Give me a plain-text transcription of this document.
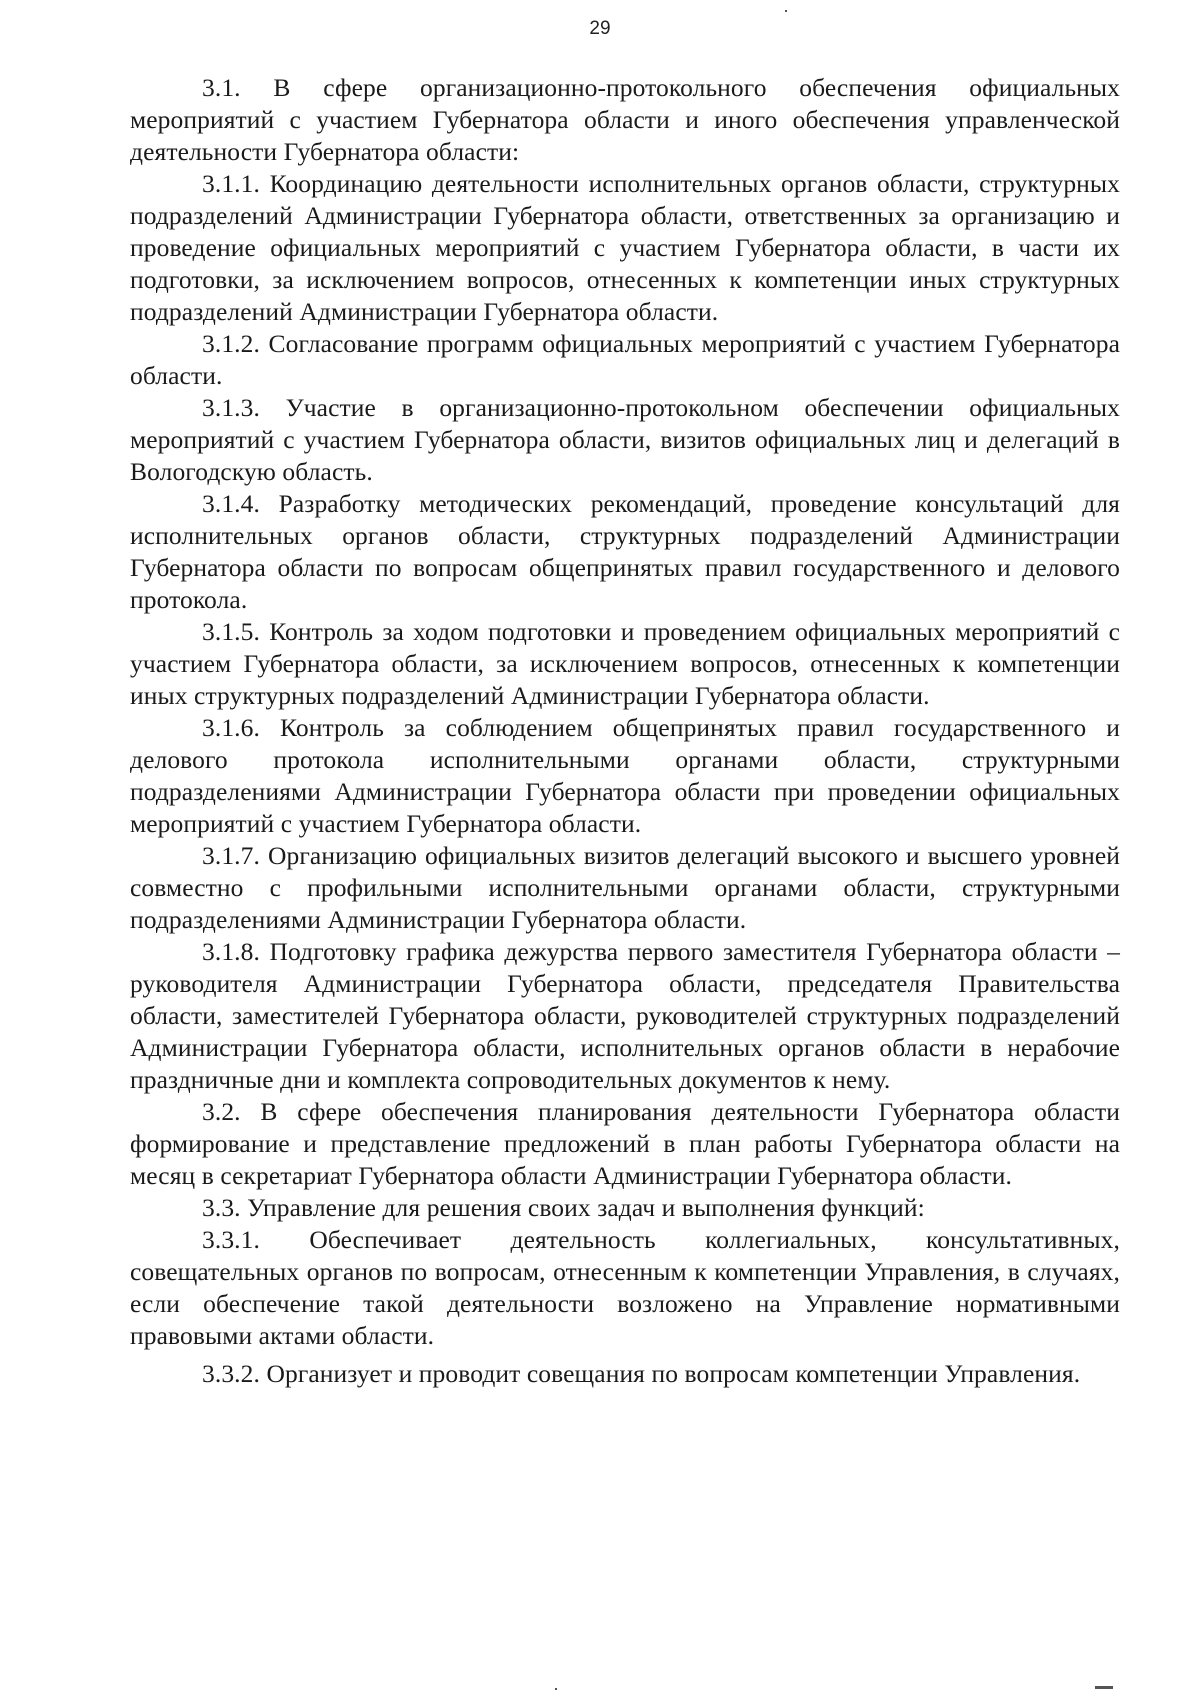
29

3.1. В сфере организационно-протокольного обеспечения официальных мероприятий с участием Губернатора области и иного обеспечения управленческой деятельности Губернатора области:

3.1.1. Координацию деятельности исполнительных органов области, структурных подразделений Администрации Губернатора области, ответственных за организацию и проведение официальных мероприятий с участием Губернатора области, в части их подготовки, за исключением вопросов, отнесенных к компетенции иных структурных подразделений Администрации Губернатора области.

3.1.2. Согласование программ официальных мероприятий с участием Губернатора области.

3.1.3. Участие в организационно-протокольном обеспечении официальных мероприятий с участием Губернатора области, визитов официальных лиц и делегаций в Вологодскую область.

3.1.4. Разработку методических рекомендаций, проведение консультаций для исполнительных органов области, структурных подразделений Администрации Губернатора области по вопросам общепринятых правил государственного и делового протокола.

3.1.5. Контроль за ходом подготовки и проведением официальных мероприятий с участием Губернатора области, за исключением вопросов, отнесенных к компетенции иных структурных подразделений Администрации Губернатора области.

3.1.6. Контроль за соблюдением общепринятых правил государственного и делового протокола исполнительными органами области, структурными подразделениями Администрации Губернатора области при проведении официальных мероприятий с участием Губернатора области.

3.1.7. Организацию официальных визитов делегаций высокого и высшего уровней совместно с профильными исполнительными органами области, структурными подразделениями Администрации Губернатора области.

3.1.8. Подготовку графика дежурства первого заместителя Губернатора области – руководителя Администрации Губернатора области, председателя Правительства области, заместителей Губернатора области, руководителей структурных подразделений Администрации Губернатора области, исполнительных органов области в нерабочие праздничные дни и комплекта сопроводительных документов к нему.

3.2. В сфере обеспечения планирования деятельности Губернатора области формирование и представление предложений в план работы Губернатора области на месяц в секретариат Губернатора области Администрации Губернатора области.

3.3. Управление для решения своих задач и выполнения функций:

3.3.1. Обеспечивает деятельность коллегиальных, консультативных, совещательных органов по вопросам, отнесенным к компетенции Управления, в случаях, если обеспечение такой деятельности возложено на Управление нормативными правовыми актами области.

3.3.2. Организует и проводит совещания по вопросам компетенции Управления.
